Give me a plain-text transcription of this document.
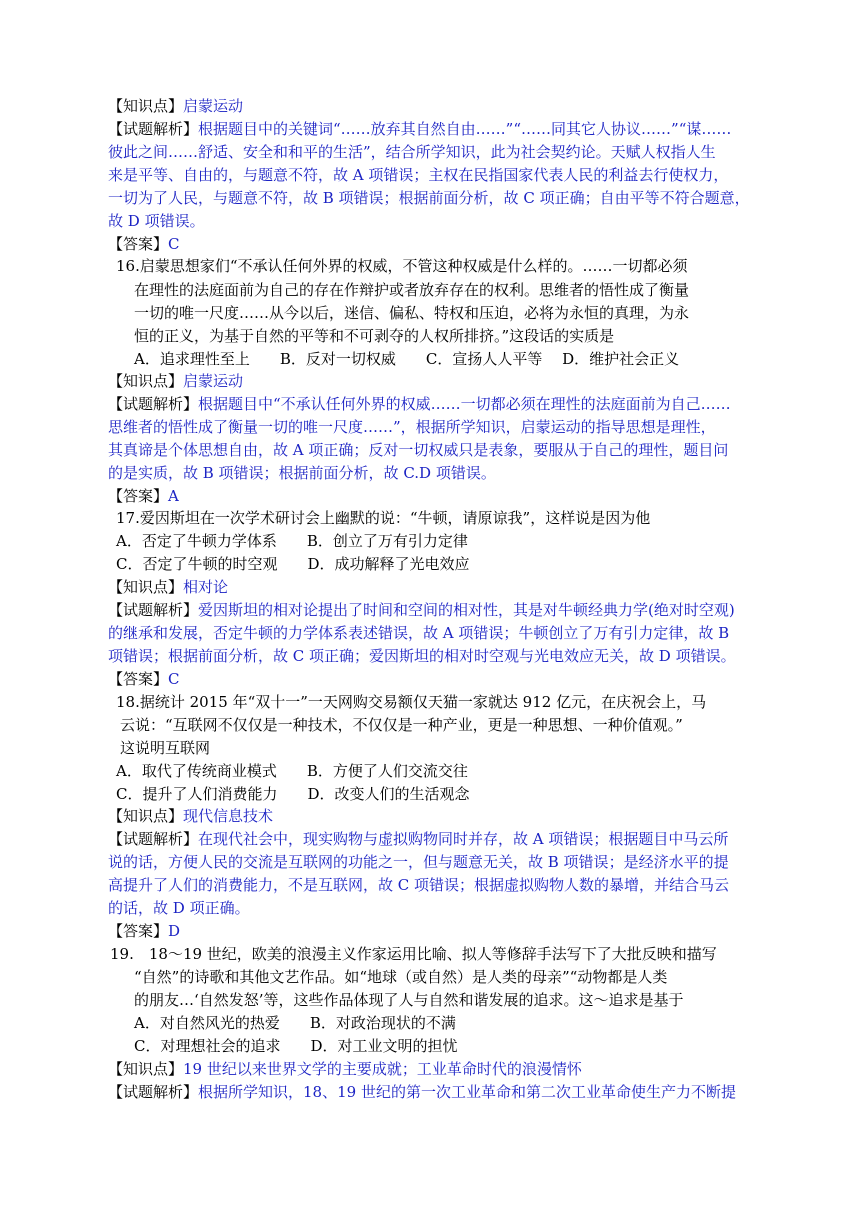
【知识点】启蒙运动
【试题解析】根据题目中的关键词“……放弃其自然自由……”“……同其它人协议……”“谋……
彼此之间……舒适、安全和和平的生活”，结合所学知识，此为社会契约论。天赋人权指人生
来是平等、自由的，与题意不符，故 A 项错误；主权在民指国家代表人民的利益去行使权力，
一切为了人民，与题意不符，故 B 项错误；根据前面分析，故 C 项正确；自由平等不符合题意，
故 D 项错误。
【答案】C
16.启蒙思想家们“不承认任何外界的权威，不管这种权威是什么样的。……一切都必须
在理性的法庭面前为自己的存在作辩护或者放弃存在的权利。思维者的悟性成了衡量
一切的唯一尺度……从今以后，迷信、偏私、特权和压迫，必将为永恒的真理，为永
恒的正义，为基于自然的平等和不可剥夺的人权所排挤。”这段话的实质是
A．追求理性至上　　B．反对一切权威　　C．宣扬人人平等　 D．维护社会正义
【知识点】启蒙运动
【试题解析】根据题目中“不承认任何外界的权威……一切都必须在理性的法庭面前为自己……
思维者的悟性成了衡量一切的唯一尺度……”，根据所学知识，启蒙运动的指导思想是理性，
其真谛是个体思想自由，故 A 项正确；反对一切权威只是表象，要服从于自己的理性，题目问
的是实质，故 B 项错误；根据前面分析，故 C.D 项错误。
【答案】A
17.爱因斯坦在一次学术研讨会上幽默的说：“牛顿，请原谅我”，这样说是因为他
A．否定了牛顿力学体系　　B．创立了万有引力定律
C．否定了牛顿的时空观　　D．成功解释了光电效应
【知识点】相对论
【试题解析】爱因斯坦的相对论提出了时间和空间的相对性，其是对牛顿经典力学(绝对时空观)
的继承和发展，否定牛顿的力学体系表述错误，故 A 项错误；牛顿创立了万有引力定律，故 B
项错误；根据前面分析，故 C 项正确；爱因斯坦的相对时空观与光电效应无关，故 D 项错误。
【答案】C
18.据统计 2015 年“双十一”一天网购交易额仅天猫一家就达 912 亿元，在庆祝会上，马
云说：“互联网不仅仅是一种技术，不仅仅是一种产业，更是一种思想、一种价值观。”
这说明互联网
A．取代了传统商业模式　　B．方便了人们交流交往
C．提升了人们消费能力　　D．改变人们的生活观念
【知识点】现代信息技术
【试题解析】在现代社会中，现实购物与虚拟购物同时并存，故 A 项错误；根据题目中马云所
说的话，方便人民的交流是互联网的功能之一，但与题意无关，故 B 项错误；是经济水平的提
高提升了人们的消费能力，不是互联网，故 C 项错误；根据虚拟购物人数的暴增，并结合马云
的话，故 D 项正确。
【答案】D
19.　18～19 世纪，欧美的浪漫主义作家运用比喻、拟人等修辞手法写下了大批反映和描写
“自然”的诗歌和其他文艺作品。如“地球（或自然）是人类的母亲”“动物都是人类
的朋友…‘自然发怒’等，这些作品体现了人与自然和谐发展的追求。这～追求是基于
A．对自然风光的热爱　　B．对政治现状的不满
C．对理想社会的追求　　D．对工业文明的担忧
【知识点】19 世纪以来世界文学的主要成就；工业革命时代的浪漫情怀
【试题解析】根据所学知识，18、19 世纪的第一次工业革命和第二次工业革命使生产力不断提
